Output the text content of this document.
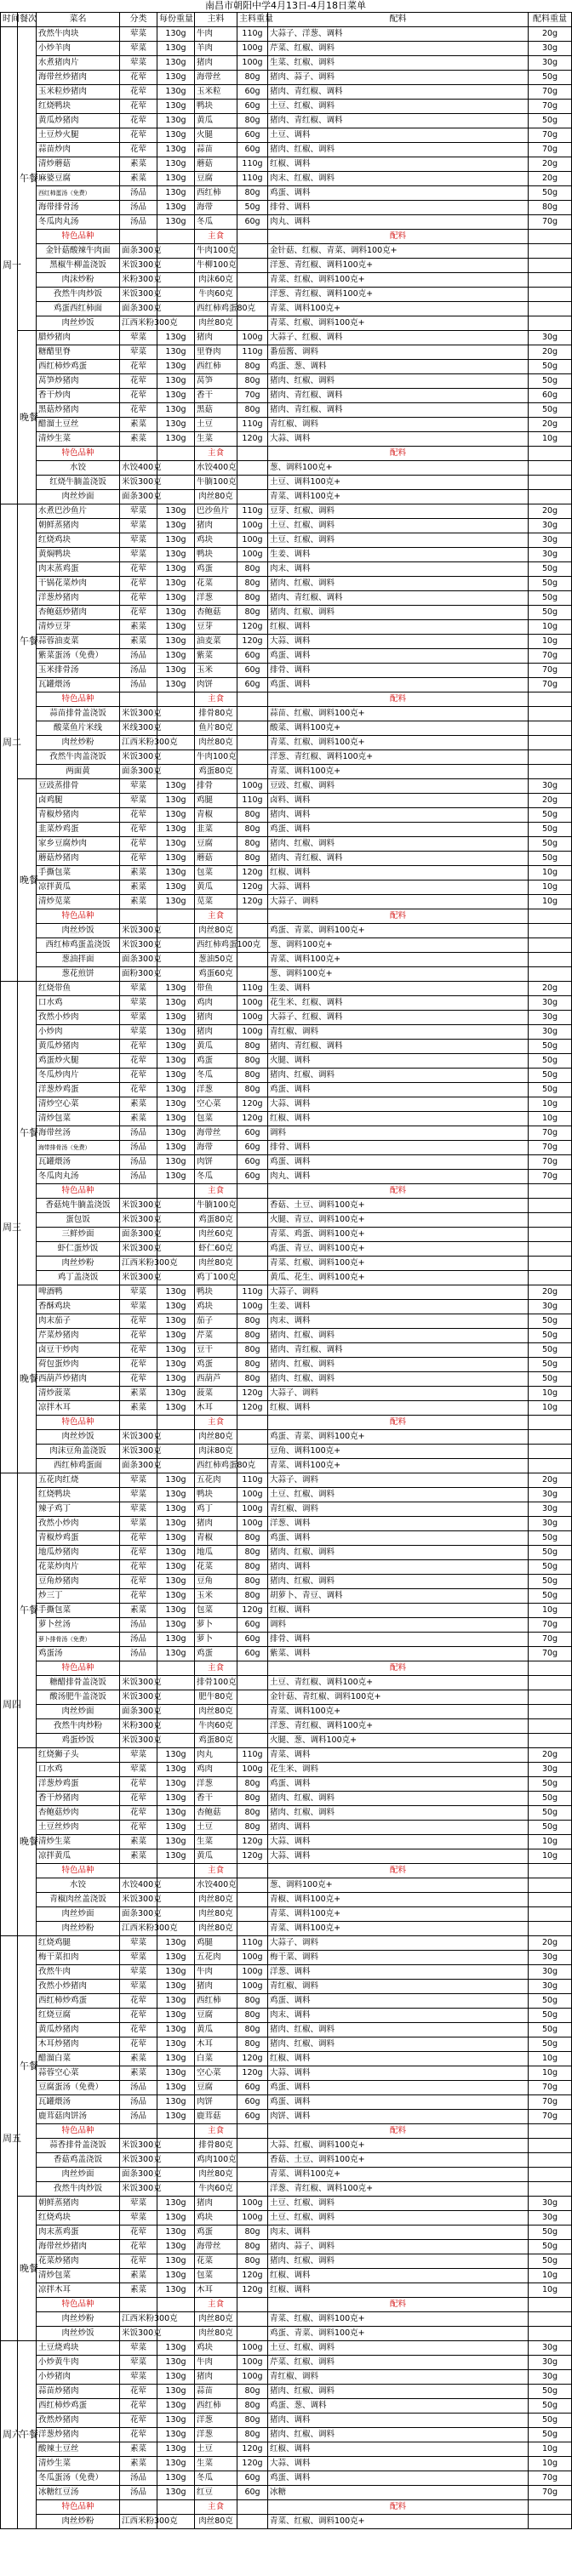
南昌市朝阳中学4月13日-4月18日菜单
时间	餐次	菜名	分类	每份重量	主料	主料重量	配料	配料重量
周一	午餐	孜然牛肉块	荤菜	130g	牛肉	110g	大蒜子、洋葱、调料	20g
		小炒羊肉	荤菜	130g	羊肉	100g	芹菜、红椒、调料	30g
		水煮猪肉片	荤菜	130g	猪肉	100g	生菜、红椒、调料	30g
		海带丝炒猪肉	花荤	130g	海带丝	80g	猪肉、蒜子、调料	50g
		玉米粒炒猪肉	花荤	130g	玉米粒	60g	猪肉、青红椒、调料	70g
		红烧鸭块	花荤	130g	鸭块	60g	土豆、红椒、调料	70g
		黄瓜炒猪肉	花荤	130g	黄瓜	80g	猪肉、青红椒、调料	50g
		土豆炒火腿	花荤	130g	火腿	60g	土豆、调料	70g
		蒜苗炒肉	花荤	130g	蒜苗	60g	猪肉、红椒、调料	70g
		清炒蘑菇	素菜	130g	蘑菇	110g	红椒、调料	20g
		麻婆豆腐	素菜	130g	豆腐	110g	肉末、红椒、调料	20g
		西红柿蛋汤（免费）	汤品	130g	西红柿	80g	鸡蛋、调料	50g
		海带排骨汤	汤品	130g	海带	50g	排骨、调料	80g
		冬瓜肉丸汤	汤品	130g	冬瓜	60g	肉丸、调料	70g
		特色品种			主食		配料	
		金针菇酸辣牛肉面	面条300克		牛肉100克		金针菇、红椒、青菜、调料100克+	
		黑椒牛柳盖浇饭	米饭300克		牛柳100克		洋葱、青红椒、调料100克+	
		肉沫炒粉	米粉300克		肉沫60克		青菜、红椒、调料100克+	
		孜然牛肉炒饭	米饭300克		牛肉60克		洋葱、青红椒、调料100克+	
		鸡蛋西红柿面	面条300克		西红柿鸡蛋80克		青菜、调料100克+	
		肉丝炒饭	江西米粉300克		肉丝80克		青菜、红椒、调料100克+	
	晚餐	腊炒猪肉	荤菜	130g	猪肉	100g	大蒜子、红椒、调料	30g
		糖醋里脊	荤菜	130g	里脊肉	110g	番茄酱、调料	20g
		西红柿炒鸡蛋	花荤	130g	西红柿	80g	鸡蛋、葱、调料	50g
		莴笋炒猪肉	花荤	130g	莴笋	80g	猪肉、红椒、调料	50g
		香干炒肉	花荤	130g	香干	70g	猪肉、青红椒、调料	60g
		黑菇炒猪肉	花荤	130g	黑菇	80g	猪肉、青红椒、调料	50g
		醋溜土豆丝	素菜	130g	土豆	110g	青红椒、调料	20g
		清炒生菜	素菜	130g	生菜	120g	大蒜、调料	10g
		特色品种			主食		配料	
		水饺	水饺400克		水饺400克		葱、调料100克+	
		红烧牛腩盖浇饭	米饭300克		牛腩100克		土豆、调料100克+	
		肉丝炒面	面条300克		肉丝80克		青菜、调料100克+	
周二	午餐	水煮巴沙鱼片	荤菜	130g	巴沙鱼片	110g	豆芽、红椒、调料	20g
		朝鲜蒸猪肉	荤菜	130g	猪肉	100g	土豆、红椒、调料	30g
		红烧鸡块	荤菜	130g	鸡块	100g	土豆、红椒、调料	30g
		黄焖鸭块	荤菜	130g	鸭块	100g	生姜、调料	30g
		肉末蒸鸡蛋	花荤	130g	鸡蛋	80g	肉末、调料	50g
		干锅花菜炒肉	花荤	130g	花菜	80g	猪肉、红椒、调料	50g
		洋葱炒猪肉	花荤	130g	洋葱	80g	猪肉、青红椒、调料	50g
		杏鲍菇炒猪肉	花荤	130g	杏鲍菇	80g	猪肉、红椒、调料	50g
		清炒豆芽	素菜	130g	豆芽	120g	红椒、调料	10g
		蒜蓉油麦菜	素菜	130g	油麦菜	120g	大蒜、调料	10g
		紫菜蛋汤（免费）	汤品	130g	紫菜	60g	鸡蛋、调料	70g
		玉米排骨汤	汤品	130g	玉米	60g	排骨、调料	70g
		瓦罐煨汤	汤品	130g	肉饼	60g	鸡蛋、调料	70g
		特色品种			主食		配料	
		蒜苗排骨盖浇饭	米饭300克		排骨80克		蒜苗、红椒、调料100克+	
		酸菜鱼片米线	米线300克		鱼片80克		酸菜、调料100克+	
		肉丝炒粉	江西米粉300克		肉丝80克		青菜、红椒、调料100克+	
		孜然牛肉盖浇饭	米饭300克		牛肉100克		洋葱、青红椒、调料100克+	
		两面黄	面条300克		鸡蛋80克		青菜、调料100克+	
	晚餐	豆豉蒸排骨	荤菜	130g	排骨	100g	豆豉、红椒、调料	30g
		卤鸡腿	荤菜	130g	鸡腿	110g	卤料、调料	20g
		青椒炒猪肉	花荤	130g	青椒	80g	猪肉、调料	50g
		韭菜炒鸡蛋	花荤	130g	韭菜	80g	鸡蛋、调料	50g
		家乡豆腐炒肉	花荤	130g	豆腐	80g	猪肉、红椒、调料	50g
		蘑菇炒猪肉	花荤	130g	蘑菇	80g	猪肉、青红椒、调料	50g
		手撕包菜	素菜	130g	包菜	120g	红椒、调料	10g
		凉拌黄瓜	素菜	130g	黄瓜	120g	大蒜、调料	10g
		清炒苋菜	素菜	130g	苋菜	120g	大蒜子、调料	10g
		特色品种			主食		配料	
		肉丝炒饭	米饭300克		肉丝80克		鸡蛋、青菜、调料100克+	
		西红柿鸡蛋盖浇饭	米饭300克		西红柿鸡蛋100克		葱、调料100克+	
		葱油拌面	面条300克		葱油50克		青菜、调料100克+	
		葱花煎饼	面粉300克		鸡蛋60克		葱、调料100克+	
周三	午餐	红烧带鱼	荤菜	130g	带鱼	110g	生姜、调料	20g
		口水鸡	荤菜	130g	鸡肉	100g	花生米、红椒、调料	30g
		孜然小炒肉	荤菜	130g	猪肉	100g	大蒜子、红椒、调料	30g
		小炒肉	荤菜	130g	猪肉	100g	青红椒、调料	30g
		黄瓜炒猪肉	花荤	130g	黄瓜	80g	猪肉、青红椒、调料	50g
		鸡蛋炒火腿	花荤	130g	鸡蛋	80g	火腿、调料	50g
		冬瓜炒肉片	花荤	130g	冬瓜	80g	猪肉、红椒、调料	50g
		洋葱炒鸡蛋	花荤	130g	洋葱	80g	鸡蛋、调料	50g
		清炒空心菜	素菜	130g	空心菜	120g	大蒜、调料	10g
		清炒包菜	素菜	130g	包菜	120g	红椒、调料	10g
		海带丝汤	汤品	130g	海带丝	60g	调料	70g
		海带排骨汤（免费）	汤品	130g	海带	60g	排骨、调料	70g
		瓦罐煨汤	汤品	130g	肉饼	60g	鸡蛋、调料	70g
		冬瓜肉丸汤	汤品	130g	冬瓜	60g	肉丸、调料	70g
		特色品种			主食		配料	
		香菇炖牛腩盖浇饭	米饭300克		牛腩100克		香菇、土豆、调料100克+	
		蛋包饭	米饭300克		鸡蛋80克		火腿、青豆、调料100克+	
		三鲜炒面	面条300克		肉丝60克		青菜、鸡蛋、调料100克+	
		虾仁蛋炒饭	米饭300克		虾仁60克		鸡蛋、青豆、调料100克+	
		肉丝炒粉	江西米粉300克		肉丝80克		青菜、红椒、调料100克+	
		鸡丁盖浇饭	米饭300克		鸡丁100克		黄瓜、花生、调料100克+	
	晚餐	啤酒鸭	荤菜	130g	鸭块	110g	大蒜子、调料	20g
		香酥鸡块	荤菜	130g	鸡块	100g	生姜、调料	30g
		肉末茄子	花荤	130g	茄子	80g	肉末、调料	50g
		芹菜炒猪肉	花荤	130g	芹菜	80g	猪肉、红椒、调料	50g
		卤豆干炒肉	花荤	130g	豆干	80g	猪肉、青红椒、调料	50g
		荷包蛋炒肉	花荤	130g	鸡蛋	80g	猪肉、红椒、调料	50g
		西葫芦炒猪肉	花荤	130g	西葫芦	80g	猪肉、红椒、调料	50g
		清炒菠菜	素菜	130g	菠菜	120g	大蒜子、调料	10g
		凉拌木耳	素菜	130g	木耳	120g	红椒、调料	10g
		特色品种			主食		配料	
		肉丝炒饭	米饭300克		肉丝80克		鸡蛋、青菜、调料100克+	
		肉沫豆角盖浇饭	米饭300克		肉沫80克		豆角、调料100克+	
		西红柿鸡蛋面	面条300克		西红柿鸡蛋80克		青菜、调料100克+	
周四	午餐	五花肉红烧	荤菜	130g	五花肉	110g	大蒜子、调料	20g
		红烧鸭块	荤菜	130g	鸭块	100g	土豆、红椒、调料	30g
		辣子鸡丁	荤菜	130g	鸡丁	100g	青红椒、调料	30g
		孜然小炒肉	荤菜	130g	猪肉	100g	洋葱、调料	30g
		青椒炒鸡蛋	花荤	130g	青椒	80g	鸡蛋、调料	50g
		地瓜炒猪肉	花荤	130g	地瓜	80g	猪肉、红椒、调料	50g
		花菜炒肉片	花荤	130g	花菜	80g	猪肉、调料	50g
		豆角炒猪肉	花荤	130g	豆角	80g	猪肉、红椒、调料	50g
		炒三丁	花荤	130g	玉米	80g	胡萝卜、青豆、调料	50g
		手撕包菜	素菜	130g	包菜	120g	红椒、调料	10g
		萝卜丝汤	汤品	130g	萝卜	60g	调料	70g
		萝卜排骨汤（免费）	汤品	130g	萝卜	60g	排骨、调料	70g
		鸡蛋汤	汤品	130g	鸡蛋	60g	紫菜、调料	70g
		特色品种			主食		配料	
		糖醋排骨盖浇饭	米饭300克		排骨100克		土豆、青红椒、调料100克+	
		酸汤肥牛盖浇饭	米饭300克		肥牛80克		金针菇、青红椒、调料100克+	
		肉丝炒面	面条300克		肉丝80克		青菜、调料100克+	
		孜然牛肉炒粉	米粉300克		牛肉60克		洋葱、青红椒、调料100克+	
		鸡蛋炒饭	米饭300克		鸡蛋80克		火腿、葱、调料100克+	
	晚餐	红烧狮子头	荤菜	130g	肉丸	110g	青菜、调料	20g
		口水鸡	荤菜	130g	鸡肉	100g	花生米、调料	30g
		洋葱炒鸡蛋	花荤	130g	洋葱	80g	鸡蛋、调料	50g
		香干炒猪肉	花荤	130g	香干	80g	猪肉、红椒、调料	50g
		杏鲍菇炒肉	花荤	130g	杏鲍菇	80g	猪肉、红椒、调料	50g
		土豆丝炒肉	花荤	130g	土豆	80g	猪肉、调料	50g
		清炒生菜	素菜	130g	生菜	120g	大蒜、调料	10g
		凉拌黄瓜	素菜	130g	黄瓜	120g	大蒜、调料	10g
		特色品种			主食		配料	
		水饺	水饺400克		水饺400克		葱、调料100克+	
		青椒肉丝盖浇饭	米饭300克		肉丝80克		青椒、调料100克+	
		肉丝炒面	面条300克		肉丝80克		青菜、调料100克+	
		肉丝炒粉	江西米粉300克		肉丝80克		青菜、调料100克+	
周五	午餐	红烧鸡腿	荤菜	130g	鸡腿	110g	大蒜子、调料	20g
		梅干菜扣肉	荤菜	130g	五花肉	100g	梅干菜、调料	30g
		孜然牛肉	荤菜	130g	牛肉	100g	洋葱、调料	30g
		孜然小炒猪肉	荤菜	130g	猪肉	100g	青红椒、调料	30g
		西红柿炒鸡蛋	花荤	130g	西红柿	80g	鸡蛋、调料	50g
		红烧豆腐	花荤	130g	豆腐	80g	肉末、调料	50g
		黄瓜炒猪肉	花荤	130g	黄瓜	80g	猪肉、红椒、调料	50g
		木耳炒猪肉	花荤	130g	木耳	80g	猪肉、红椒、调料	50g
		醋溜白菜	素菜	130g	白菜	120g	红椒、调料	10g
		蒜蓉空心菜	素菜	130g	空心菜	120g	大蒜、调料	10g
		豆腐蛋汤（免费）	汤品	130g	豆腐	60g	鸡蛋、调料	70g
		瓦罐煨汤	汤品	130g	肉饼	60g	鸡蛋、调料	70g
		鹿茸菇肉饼汤	汤品	130g	鹿茸菇	60g	肉饼、调料	70g
		特色品种			主食		配料	
		蒜香排骨盖浇饭	米饭300克		排骨80克		大蒜、红椒、调料100克+	
		香菇鸡盖浇饭	米饭300克		鸡肉100克		香菇、土豆、调料100克+	
		肉丝炒面	面条300克		肉丝80克		青菜、调料100克+	
		孜然牛肉炒饭	米饭300克		牛肉60克		洋葱、青红椒、调料100克+	
	晚餐	朝鲜蒸猪肉	荤菜	130g	猪肉	100g	土豆、红椒、调料	30g
		红烧鸡块	荤菜	130g	鸡块	100g	土豆、红椒、调料	30g
		肉末蒸鸡蛋	花荤	130g	鸡蛋	80g	肉末、调料	50g
		海带丝炒猪肉	花荤	130g	海带丝	80g	猪肉、蒜子、调料	50g
		花菜炒猪肉	花荤	130g	花菜	80g	猪肉、红椒、调料	50g
		清炒包菜	素菜	130g	包菜	120g	红椒、调料	10g
		凉拌木耳	素菜	130g	木耳	120g	红椒、调料	10g
		特色品种			主食		配料	
		肉丝炒粉	江西米粉300克		肉丝80克		青菜、红椒、调料100克+	
		肉丝炒饭	米饭300克		肉丝80克		鸡蛋、青菜、调料100克+	
周六	午餐	土豆烧鸡块	荤菜	130g	鸡块	100g	土豆、红椒、调料	30g
		小炒黄牛肉	荤菜	130g	牛肉	100g	芹菜、红椒、调料	30g
		小炒猪肉	荤菜	130g	猪肉	100g	青红椒、调料	30g
		蒜苗炒猪肉	花荤	130g	蒜苗	80g	猪肉、红椒、调料	50g
		西红柿炒鸡蛋	花荤	130g	西红柿	80g	鸡蛋、葱、调料	50g
		孜然炒猪肉	花荤	130g	洋葱	80g	猪肉、调料	50g
		洋葱炒猪肉	花荤	130g	洋葱	80g	猪肉、红椒、调料	50g
		酸辣土豆丝	素菜	130g	土豆	120g	红椒、调料	10g
		清炒生菜	素菜	130g	生菜	120g	大蒜、调料	10g
		冬瓜蛋汤（免费）	汤品	130g	冬瓜	60g	鸡蛋、调料	70g
		冰糖红豆汤	汤品	130g	红豆	60g	冰糖	70g
		特色品种			主食		配料	
		肉丝炒粉	江西米粉300克		肉丝80克		青菜、红椒、调料100克+	
